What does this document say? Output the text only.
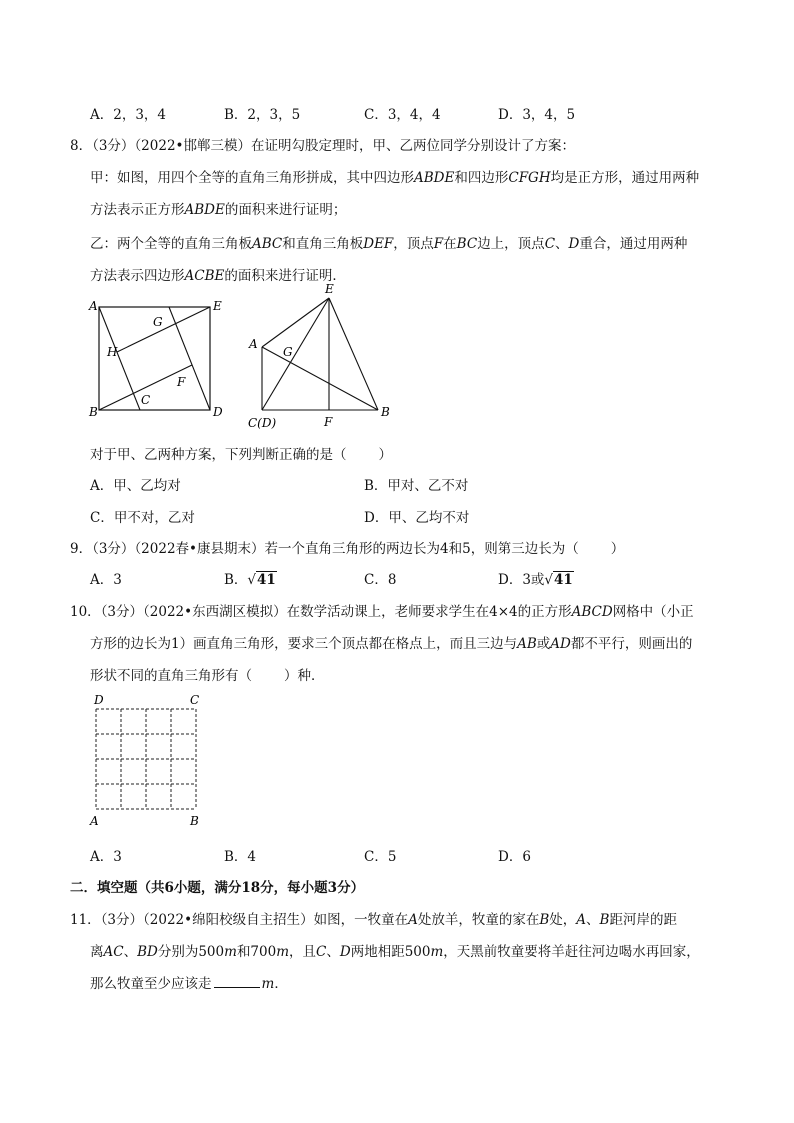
A．2，3，4	B．2，3，5	C．3，4，4	D．3，4，5
8．（3分）（2022•邯郸三模）在证明勾股定理时，甲、乙两位同学分别设计了方案：
甲：如图，用四个全等的直角三角形拼成，其中四边形ABDE和四边形CFGH均是正方形，通过用两种
方法表示正方形ABDE的面积来进行证明；
乙：两个全等的直角三角板ABC和直角三角板DEF，顶点F在BC边上，顶点C、D重合，通过用两种
方法表示四边形ACBE的面积来进行证明．
A	E
G
H
F
C
B	D
E
A
G
C(D)	F
B
对于甲、乙两种方案，下列判断正确的是（ ）
A．甲、乙均对	B．甲对、乙不对
C．甲不对，乙对	D．甲、乙均不对
9．（3分）（2022春•康县期末）若一个直角三角形的两边长为4和5，则第三边长为（ ）
A．3	B．√41	C．8	D．3或√41
10．（3分）（2022•东西湖区模拟）在数学活动课上，老师要求学生在4×4的正方形ABCD网格中（小正
方形的边长为1）画直角三角形，要求三个顶点都在格点上，而且三边与AB或AD都不平行，则画出的
形状不同的直角三角形有（ ）种．
D	C
A	B
A．3	B．4	C．5	D．6
二．填空题（共6小题，满分18分，每小题3分）
11．（3分）（2022•绵阳校级自主招生）如图，一牧童在A处放羊，牧童的家在B处，A、B距河岸的距
离AC、BD分别为500m和700m，且C、D两地相距500m，天黑前牧童要将羊赶往河边喝水再回家，
那么牧童至少应该走	m．
